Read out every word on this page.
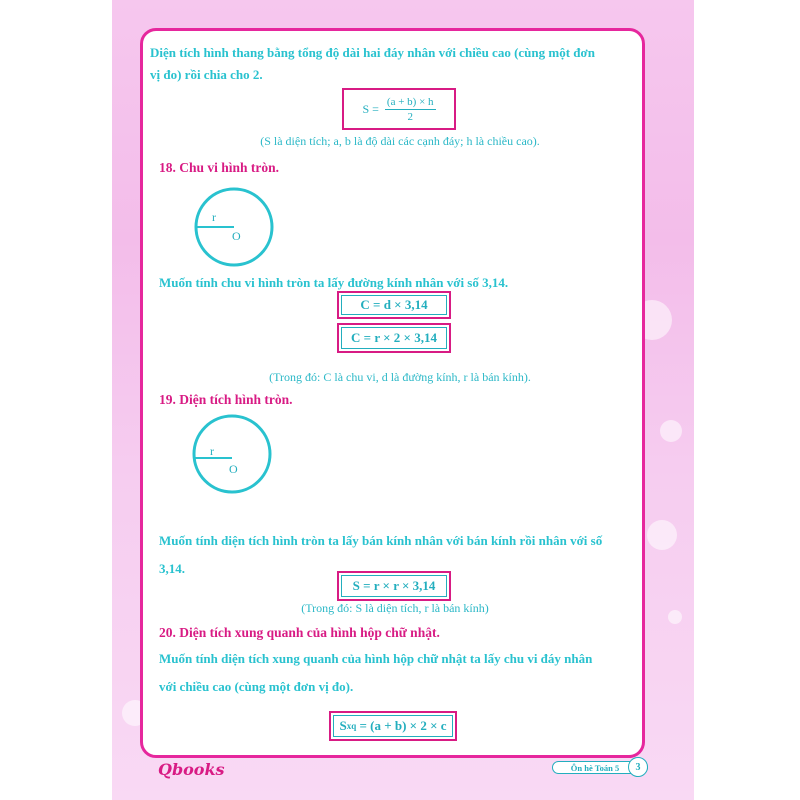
Diện tích hình thang bằng tổng độ dài hai đáy nhân với chiều cao (cùng một đơn
vị đo) rồi chia cho 2.
$S = \frac{(a + b) \times h}{2}$
(S là diện tích; a, b là độ dài các cạnh đáy; h là chiều cao).
18. Chu vi hình tròn.
r
O
Muốn tính chu vi hình tròn ta lấy đường kính nhân với số 3,14.
C = d × 3,14
C = r × 2 × 3,14
(Trong đó: C là chu vi, d là đường kính, r là bán kính).
19. Diện tích hình tròn.
r
O
Muốn tính diện tích hình tròn ta lấy bán kính nhân với bán kính rồi nhân với số
3,14.
S = r × r × 3,14
(Trong đó: S là diện tích, r là bán kính)
20. Diện tích xung quanh của hình hộp chữ nhật.
Muốn tính diện tích xung quanh của hình hộp chữ nhật ta lấy chu vi đáy nhân
với chiều cao (cùng một đơn vị đo).
S xq = (a + b) × 2 × c
Qbooks	Ôn hè Toán 5	3
